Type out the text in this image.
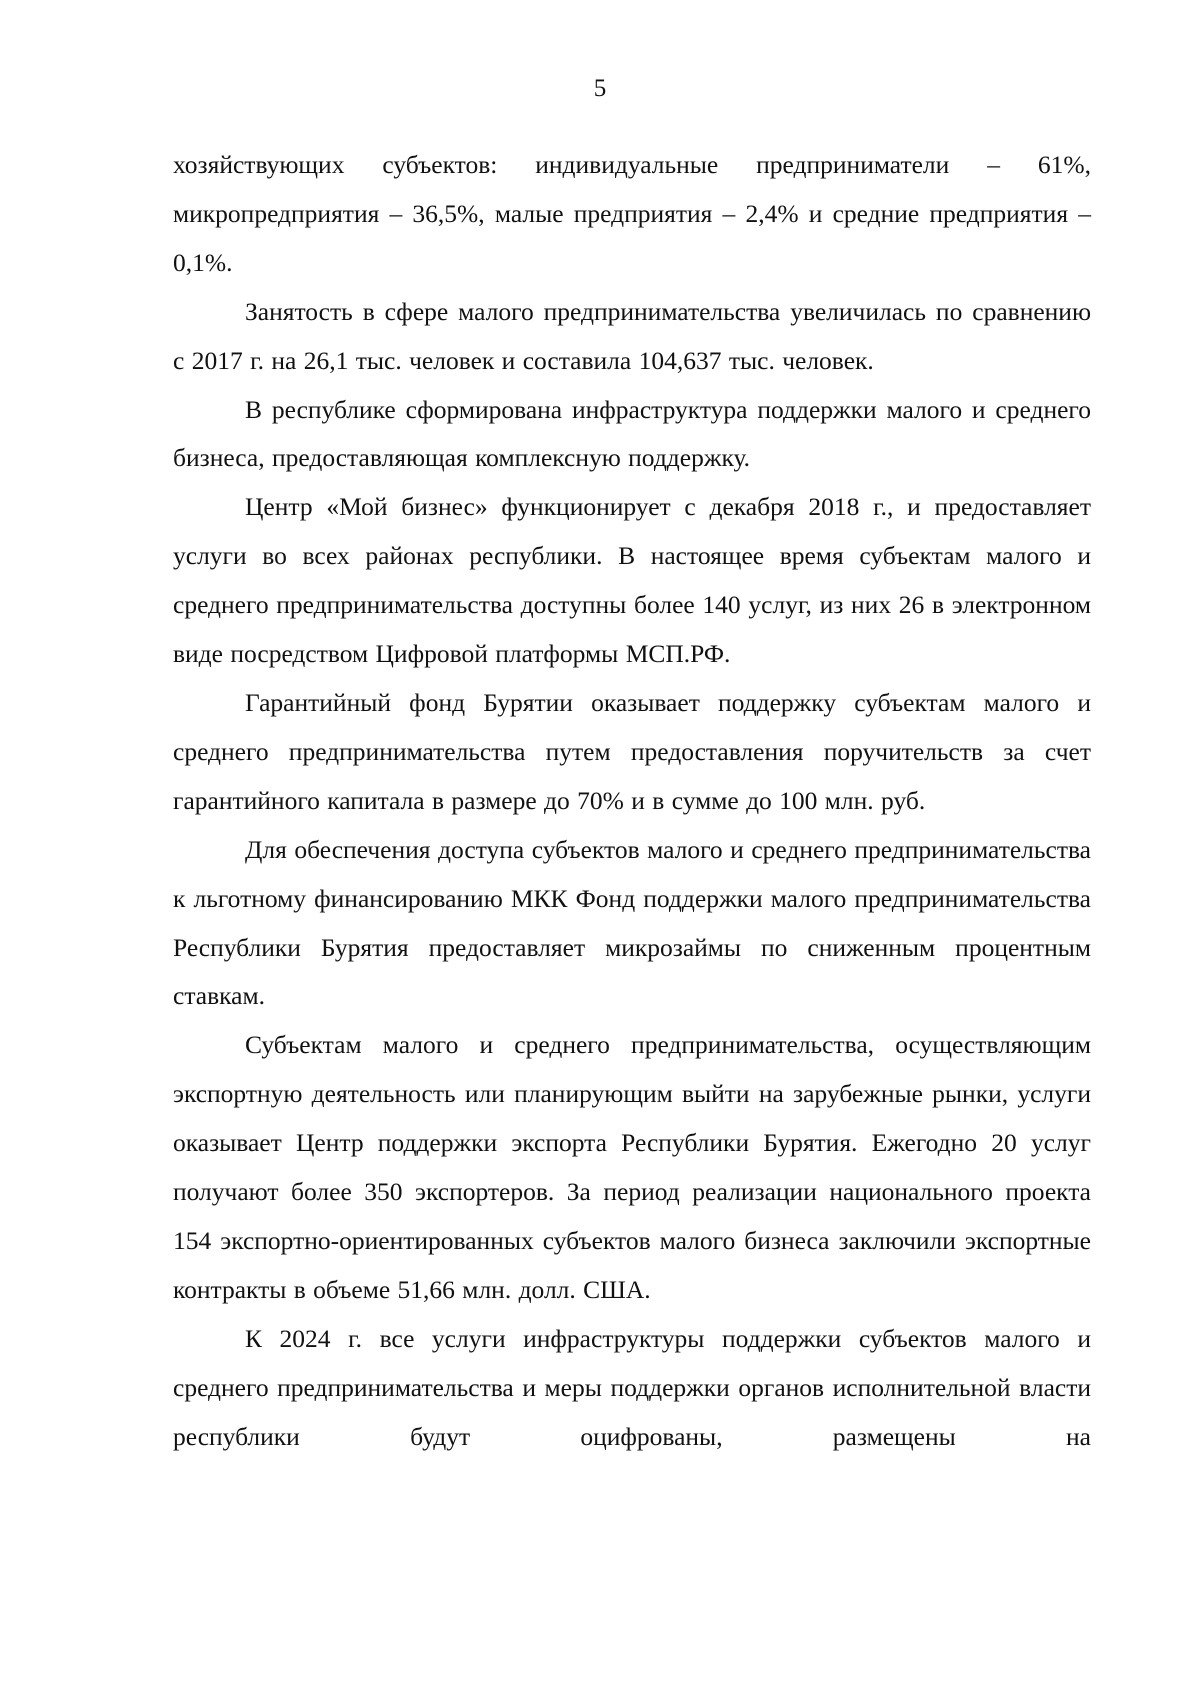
5

хозяйствующих субъектов: индивидуальные предприниматели – 61%, микропредприятия – 36,5%, малые предприятия – 2,4% и средние предприятия – 0,1%.

Занятость в сфере малого предпринимательства увеличилась по сравнению с 2017 г. на 26,1 тыс. человек и составила 104,637 тыс. человек.

В республике сформирована инфраструктура поддержки малого и среднего бизнеса, предоставляющая комплексную поддержку.

Центр «Мой бизнес» функционирует с декабря 2018 г., и предоставляет услуги во всех районах республики. В настоящее время субъектам малого и среднего предпринимательства доступны более 140 услуг, из них 26 в электронном виде посредством Цифровой платформы МСП.РФ.

Гарантийный фонд Бурятии оказывает поддержку субъектам малого и среднего предпринимательства путем предоставления поручительств за счет гарантийного капитала в размере до 70% и в сумме до 100 млн. руб.

Для обеспечения доступа субъектов малого и среднего предпринимательства к льготному финансированию МКК Фонд поддержки малого предпринимательства Республики Бурятия предоставляет микрозаймы по сниженным процентным ставкам.

Субъектам малого и среднего предпринимательства, осуществляющим экспортную деятельность или планирующим выйти на зарубежные рынки, услуги оказывает Центр поддержки экспорта Республики Бурятия. Ежегодно 20 услуг получают более 350 экспортеров. За период реализации национального проекта 154 экспортно-ориентированных субъектов малого бизнеса заключили экспортные контракты в объеме 51,66 млн. долл. США.

К 2024 г. все услуги инфраструктуры поддержки субъектов малого и среднего предпринимательства и меры поддержки органов исполнительной власти республики будут оцифрованы, размещены на
